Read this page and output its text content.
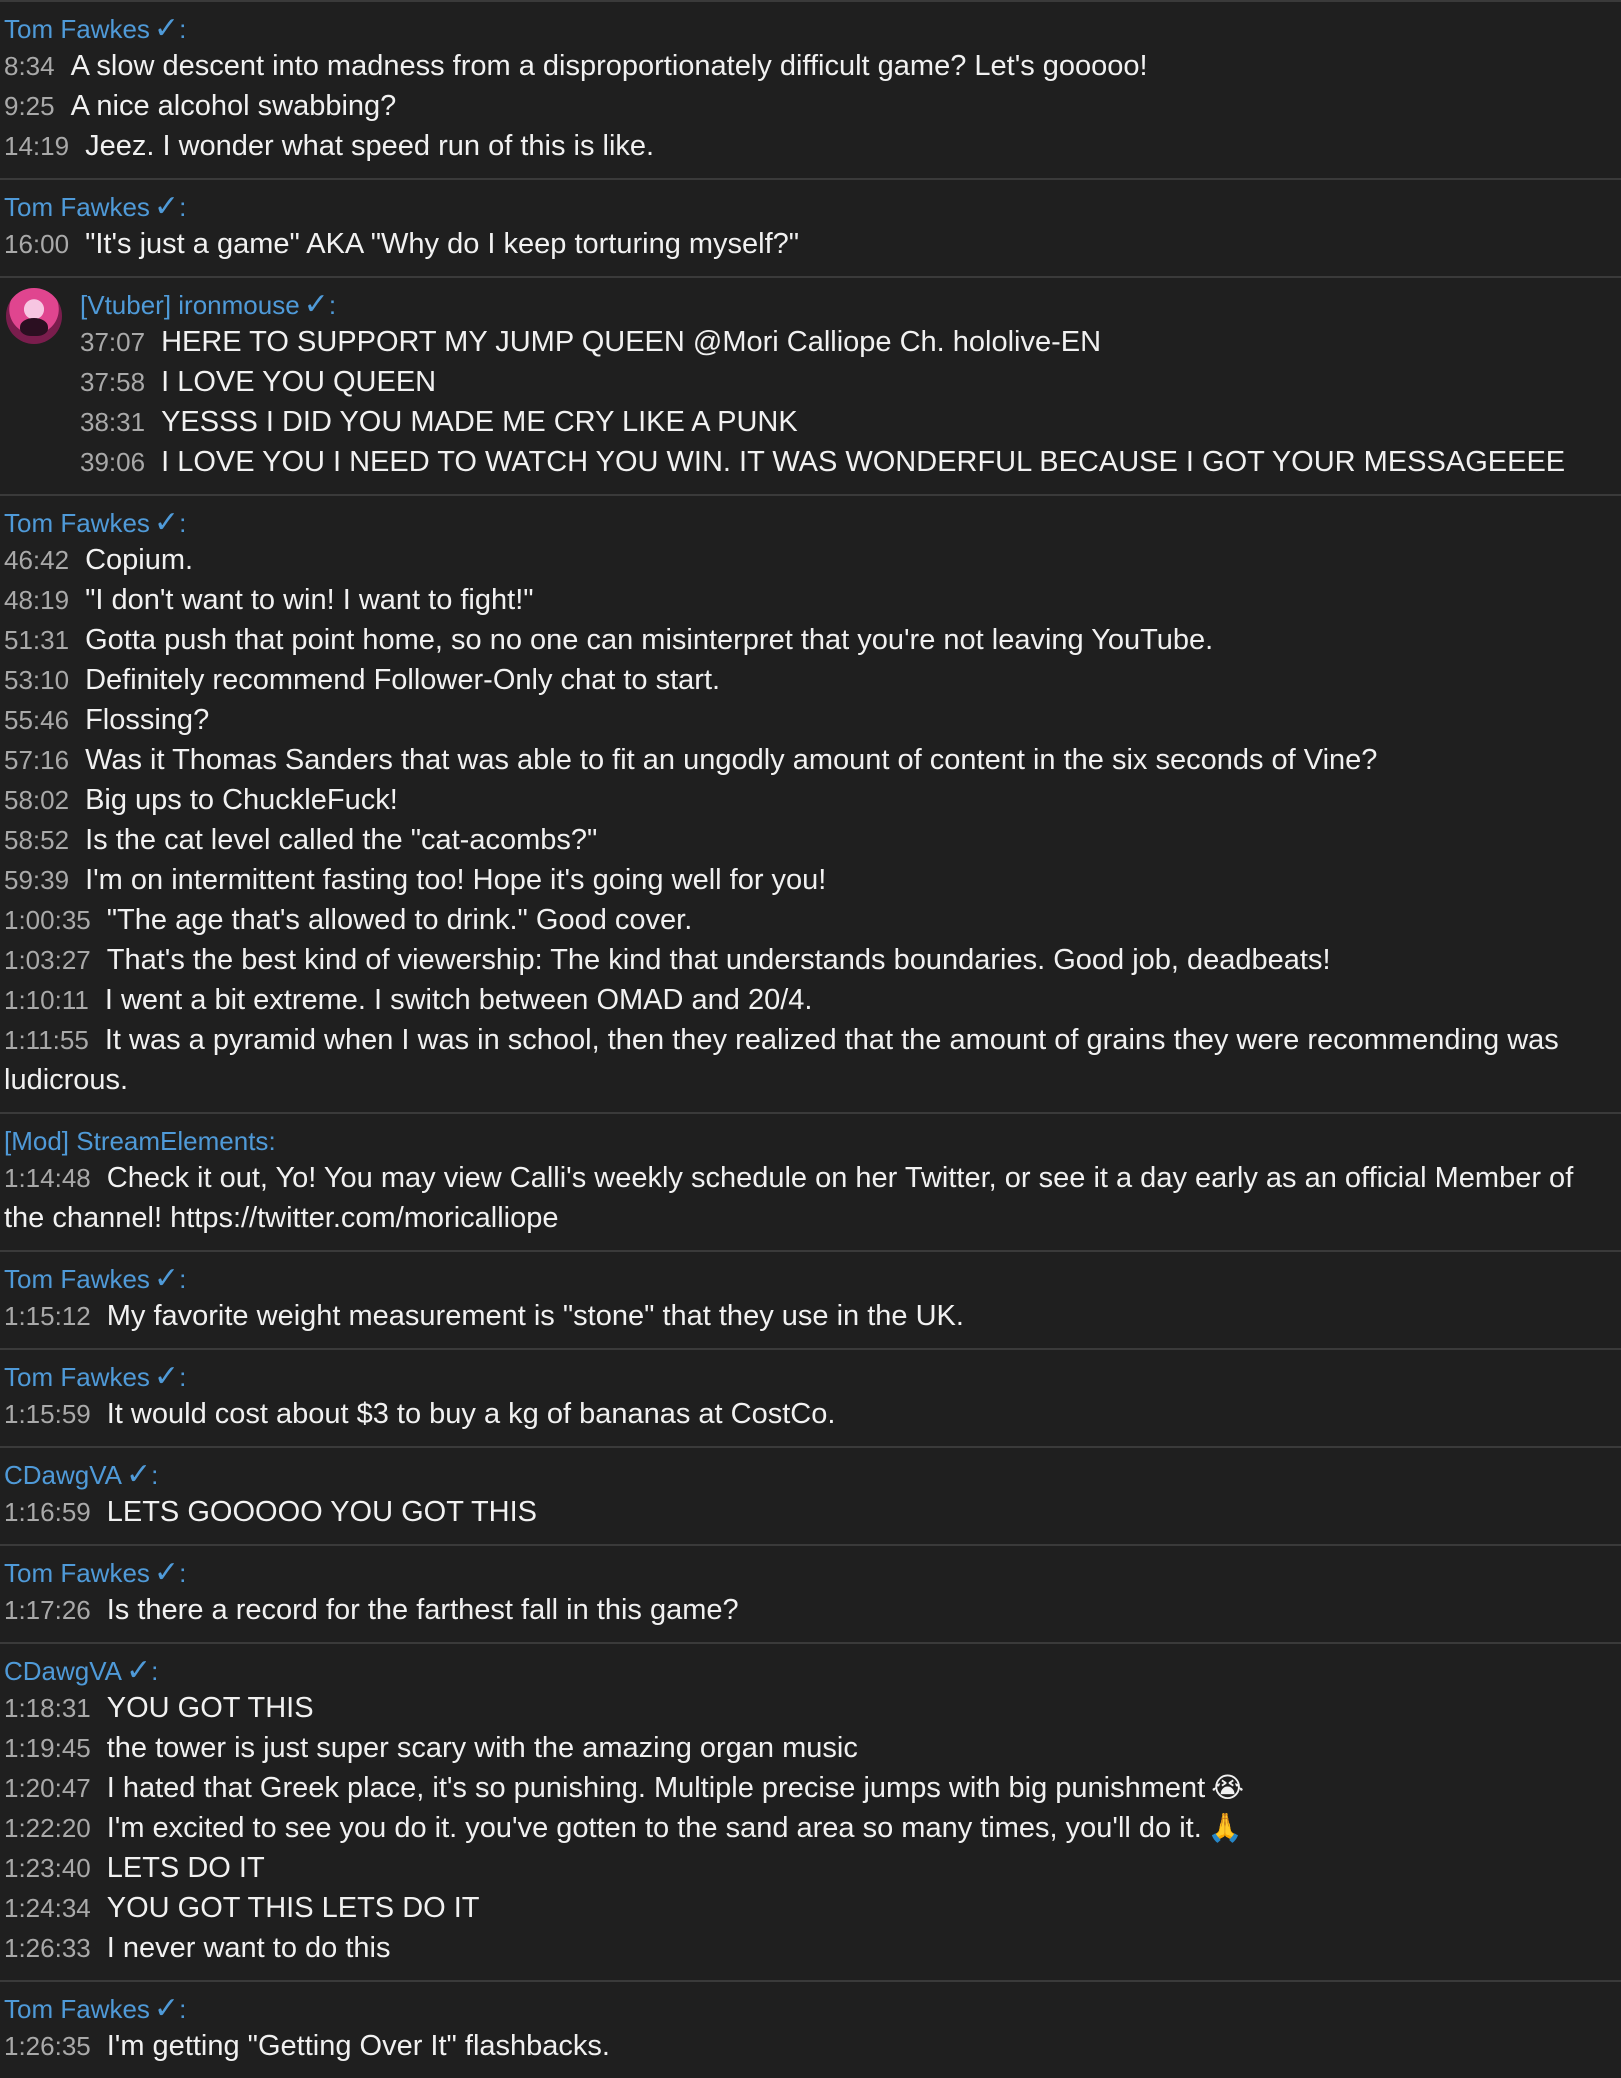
Tom Fawkes ✓:
8:34 A slow descent into madness from a disproportionately difficult game? Let's gooooo!
9:25 A nice alcohol swabbing?
14:19 Jeez. I wonder what speed run of this is like.
Tom Fawkes ✓:
16:00 "It's just a game" AKA "Why do I keep torturing myself?"
[Vtuber] ironmouse ✓:
37:07 HERE TO SUPPORT MY JUMP QUEEN @Mori Calliope Ch. hololive-EN
37:58 I LOVE YOU QUEEN
38:31 YESSS I DID YOU MADE ME CRY LIKE A PUNK
39:06 I LOVE YOU I NEED TO WATCH YOU WIN. IT WAS WONDERFUL BECAUSE I GOT YOUR MESSAGEEEE
Tom Fawkes ✓:
46:42 Copium.
48:19 "I don't want to win! I want to fight!"
51:31 Gotta push that point home, so no one can misinterpret that you're not leaving YouTube.
53:10 Definitely recommend Follower-Only chat to start.
55:46 Flossing?
57:16 Was it Thomas Sanders that was able to fit an ungodly amount of content in the six seconds of Vine?
58:02 Big ups to ChuckleFuck!
58:52 Is the cat level called the "cat-acombs?"
59:39 I'm on intermittent fasting too! Hope it's going well for you!
1:00:35 "The age that's allowed to drink." Good cover.
1:03:27 That's the best kind of viewership: The kind that understands boundaries. Good job, deadbeats!
1:10:11 I went a bit extreme. I switch between OMAD and 20/4.
1:11:55 It was a pyramid when I was in school, then they realized that the amount of grains they were recommending was ludicrous.
[Mod] StreamElements:
1:14:48 Check it out, Yo! You may view Calli's weekly schedule on her Twitter, or see it a day early as an official Member of the channel! https://twitter.com/moricalliope
Tom Fawkes ✓:
1:15:12 My favorite weight measurement is "stone" that they use in the UK.
Tom Fawkes ✓:
1:15:59 It would cost about $3 to buy a kg of bananas at CostCo.
CDawgVA ✓:
1:16:59 LETS GOOOOO YOU GOT THIS
Tom Fawkes ✓:
1:17:26 Is there a record for the farthest fall in this game?
CDawgVA ✓:
1:18:31 YOU GOT THIS
1:19:45 the tower is just super scary with the amazing organ music
1:20:47 I hated that Greek place, it's so punishing. Multiple precise jumps with big punishment 😭
1:22:20 I'm excited to see you do it. you've gotten to the sand area so many times, you'll do it. 🙏
1:23:40 LETS DO IT
1:24:34 YOU GOT THIS LETS DO IT
1:26:33 I never want to do this
Tom Fawkes ✓:
1:26:35 I'm getting "Getting Over It" flashbacks.
